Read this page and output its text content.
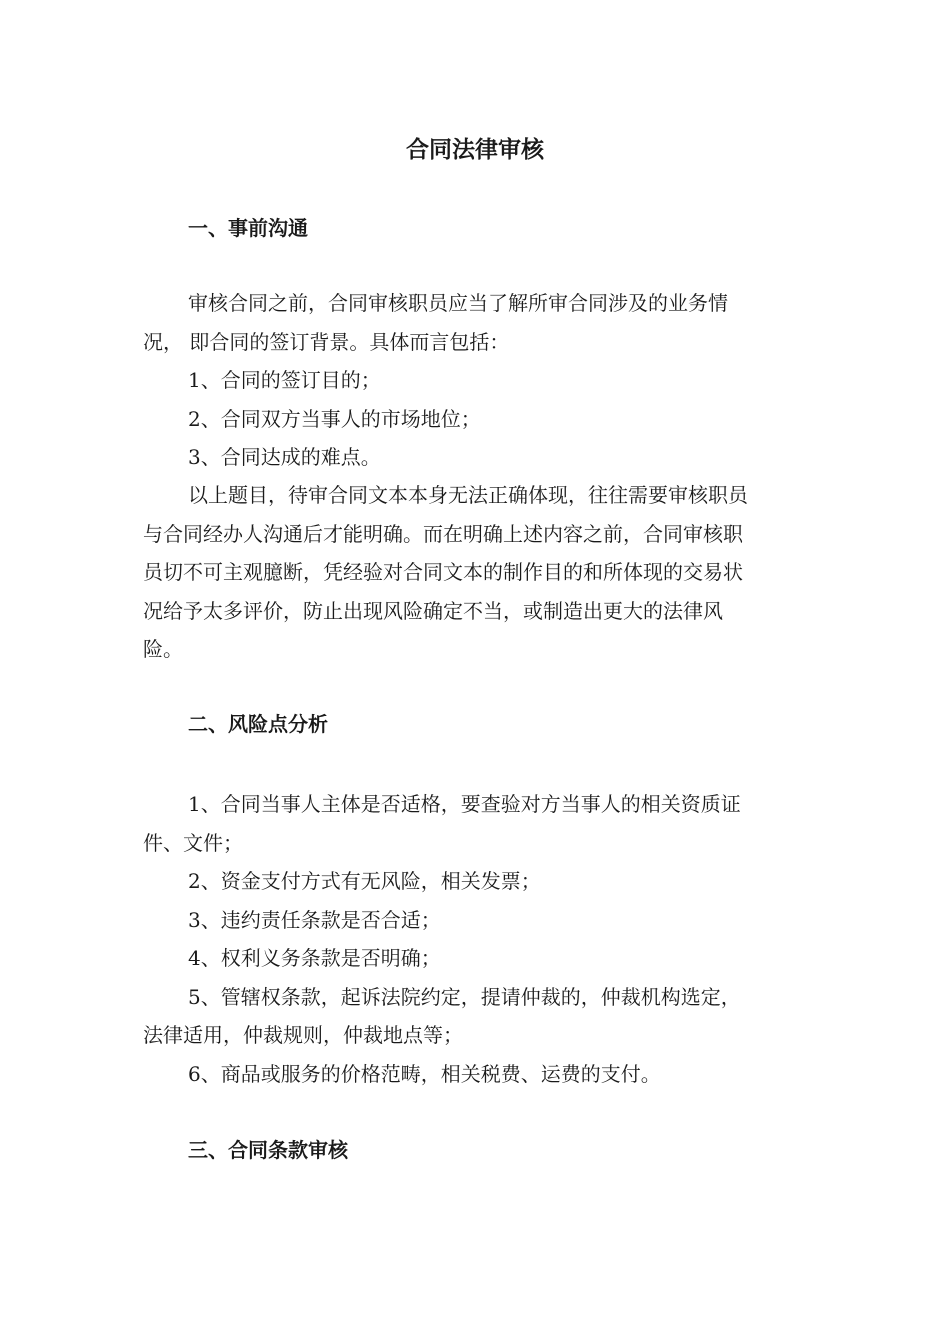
合同法律审核
一、事前沟通
审核合同之前，合同审核职员应当了解所审合同涉及的业务情
况， 即合同的签订背景。具体而言包括：
1、合同的签订目的；
2、合同双方当事人的市场地位；
3、合同达成的难点。
以上题目，待审合同文本本身无法正确体现，往往需要审核职员
与合同经办人沟通后才能明确。而在明确上述内容之前，合同审核职
员切不可主观臆断，凭经验对合同文本的制作目的和所体现的交易状
况给予太多评价，防止出现风险确定不当，或制造出更大的法律风
险。
二、风险点分析
1、合同当事人主体是否适格，要查验对方当事人的相关资质证
件、文件；
2、资金支付方式有无风险，相关发票；
3、违约责任条款是否合适；
4、权利义务条款是否明确；
5、管辖权条款，起诉法院约定，提请仲裁的，仲裁机构选定，
法律适用，仲裁规则，仲裁地点等；
6、商品或服务的价格范畴，相关税费、运费的支付。
三、合同条款审核
